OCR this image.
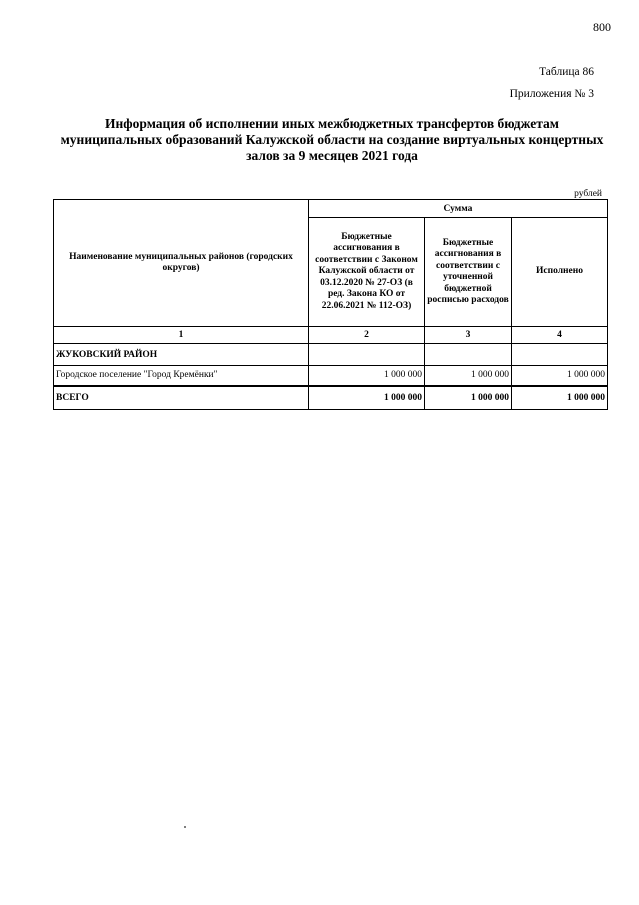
800
Таблица 86
Приложения № 3
Информация об исполнении иных межбюджетных трансфертов бюджетам
муниципальных образований Калужской области на создание виртуальных концертных
залов за 9 месяцев 2021 года
рублей
Наименование муниципальных районов (городских округов)	Сумма		
	Бюджетные ассигнования в соответствии с Законом Калужской области от 03.12.2020 № 27-ОЗ (в ред. Закона КО от 22.06.2021 № 112-ОЗ)	Бюджетные ассигнования в соответствии с уточненной бюджетной росписью расходов	Исполнено
1	2	3	4
ЖУКОВСКИЙ РАЙОН			
Городское поселение "Город Кремёнки"	1 000 000	1 000 000	1 000 000
ВСЕГО	1 000 000	1 000 000	1 000 000
